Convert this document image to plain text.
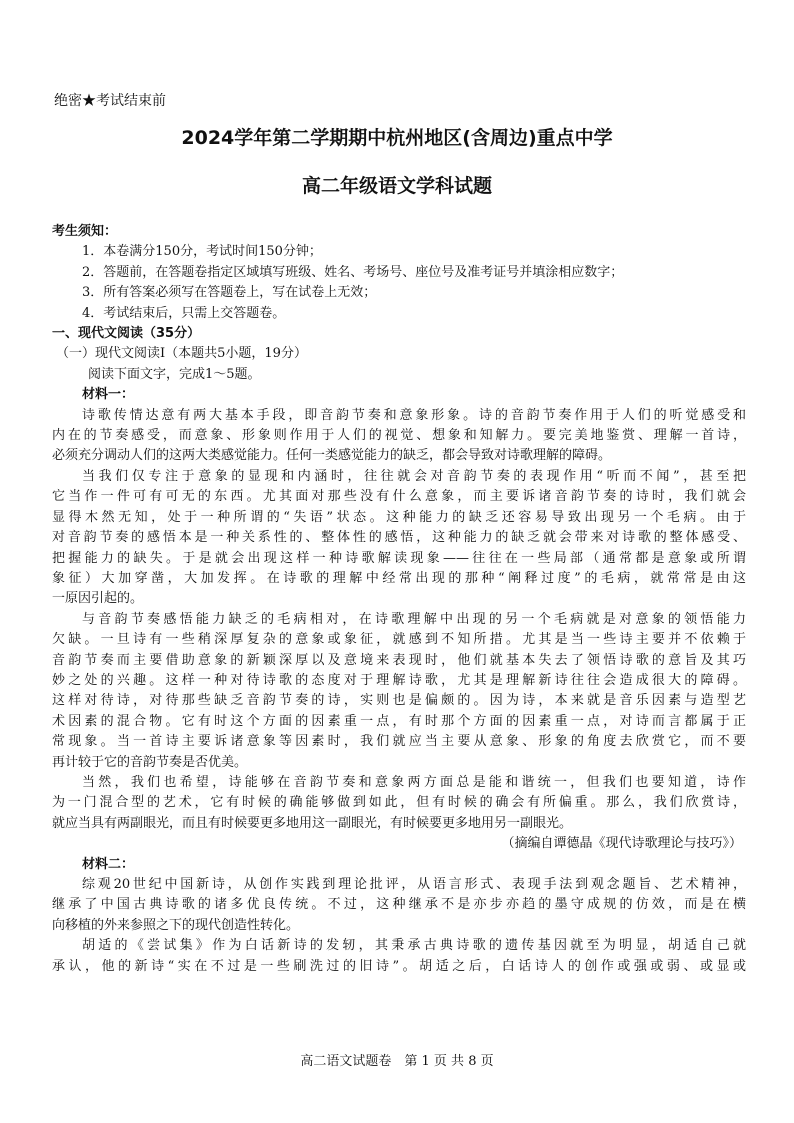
绝密★考试结束前
2024学年第二学期期中杭州地区(含周边)重点中学
高二年级语文学科试题
考生须知：
1．本卷满分150分，考试时间150分钟；
2．答题前，在答题卷指定区域填写班级、姓名、考场号、座位号及准考证号并填涂相应数字；
3．所有答案必须写在答题卷上，写在试卷上无效；
4．考试结束后，只需上交答题卷。
一、现代文阅读（35分）
（一）现代文阅读Ⅰ（本题共5小题，19分）
阅读下面文字，完成1～5题。
材料一：
诗歌传情达意有两大基本手段，即音韵节奏和意象形象。诗的音韵节奏作用于人们的听觉感受和
内在的节奏感受，而意象、形象则作用于人们的视觉、想象和知解力。要完美地鉴赏、理解一首诗，
必须充分调动人们的这两大类感觉能力。任何一类感觉能力的缺乏，都会导致对诗歌理解的障碍。
当我们仅专注于意象的显现和内涵时，往往就会对音韵节奏的表现作用“听而不闻”，甚至把
它当作一件可有可无的东西。尤其面对那些没有什么意象，而主要诉诸音韵节奏的诗时，我们就会
显得木然无知，处于一种所谓的“失语”状态。这种能力的缺乏还容易导致出现另一个毛病。由于
对音韵节奏的感悟本是一种关系性的、整体性的感悟，这种能力的缺乏就会带来对诗歌的整体感受、
把握能力的缺失。于是就会出现这样一种诗歌解读现象——往往在一些局部（通常都是意象或所谓
象征）大加穿凿，大加发挥。在诗歌的理解中经常出现的那种“阐释过度”的毛病，就常常是由这
一原因引起的。
与音韵节奏感悟能力缺乏的毛病相对，在诗歌理解中出现的另一个毛病就是对意象的领悟能力
欠缺。一旦诗有一些稍深厚复杂的意象或象征，就感到不知所措。尤其是当一些诗主要并不依赖于
音韵节奏而主要借助意象的新颖深厚以及意境来表现时，他们就基本失去了领悟诗歌的意旨及其巧
妙之处的兴趣。这样一种对待诗歌的态度对于理解诗歌，尤其是理解新诗往往会造成很大的障碍。
这样对待诗，对待那些缺乏音韵节奏的诗，实则也是偏颇的。因为诗，本来就是音乐因素与造型艺
术因素的混合物。它有时这个方面的因素重一点，有时那个方面的因素重一点，对诗而言都属于正
常现象。当一首诗主要诉诸意象等因素时，我们就应当主要从意象、形象的角度去欣赏它，而不要
再计较于它的音韵节奏是否优美。
当然，我们也希望，诗能够在音韵节奏和意象两方面总是能和谐统一，但我们也要知道，诗作
为一门混合型的艺术，它有时候的确能够做到如此，但有时候的确会有所偏重。那么，我们欣赏诗，
就应当具有两副眼光，而且有时候要更多地用这一副眼光，有时候要更多地用另一副眼光。
（摘编自谭德晶《现代诗歌理论与技巧》）
材料二：
综观20世纪中国新诗，从创作实践到理论批评，从语言形式、表现手法到观念题旨、艺术精神，
继承了中国古典诗歌的诸多优良传统。不过，这种继承不是亦步亦趋的墨守成规的仿效，而是在横
向移植的外来参照之下的现代创造性转化。
胡适的《尝试集》作为白话新诗的发轫，其秉承古典诗歌的遗传基因就至为明显，胡适自己就
承认，他的新诗“实在不过是一些刷洗过的旧诗”。胡适之后，白话诗人的创作或强或弱、或显或
高二语文试题卷　第 1 页 共 8 页
